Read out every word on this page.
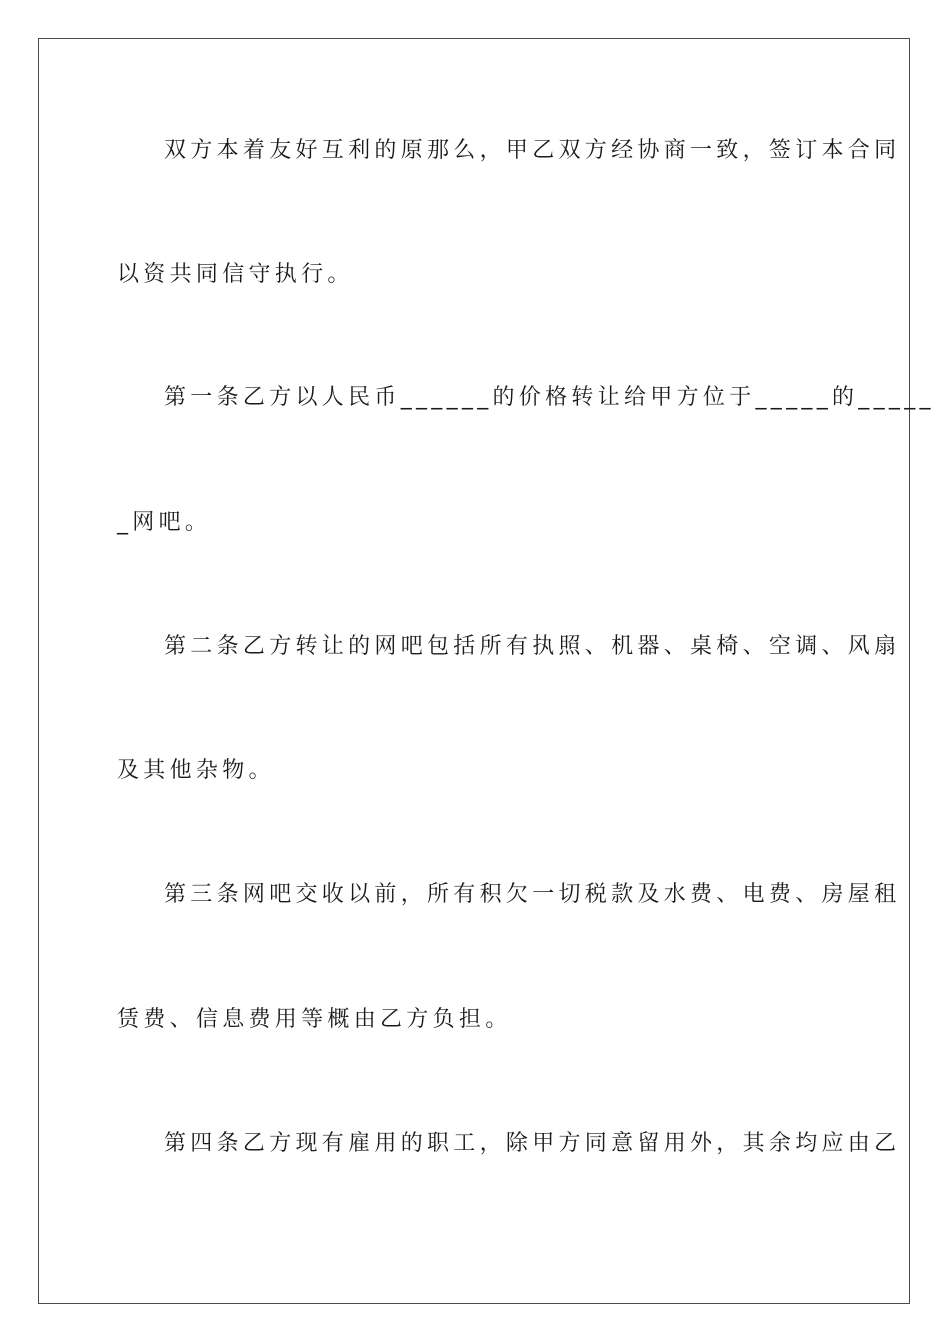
双方本着友好互利的原那么，甲乙双方经协商一致，签订本合同
以资共同信守执行。
第一条乙方以人民币______的价格转让给甲方位于_____的_____
_网吧。
第二条乙方转让的网吧包括所有执照、机器、桌椅、空调、风扇
及其他杂物。
第三条网吧交收以前，所有积欠一切税款及水费、电费、房屋租
赁费、信息费用等概由乙方负担。
第四条乙方现有雇用的职工，除甲方同意留用外，其余均应由乙
